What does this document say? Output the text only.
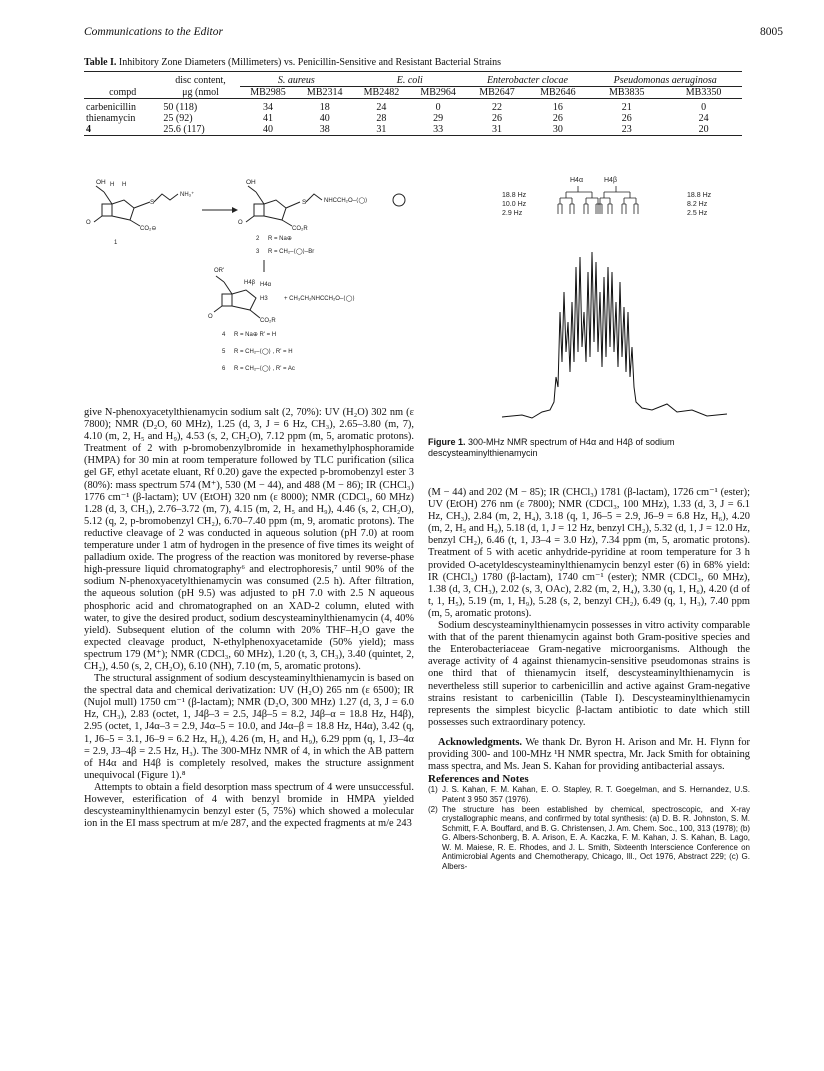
Communications to the Editor	8005
Table I. Inhibitory Zone Diameters (Millimeters) vs. Penicillin-Sensitive and Resistant Bacterial Strains
	disc content,	S. aureus		E. coli		Enterobacter clocae		Pseudomonas aeruginosa	
compd	μg (nmol	MB2985	MB2314	MB2482	MB2964	MB2647	MB2646	MB3835	MB3350

carbenicillin	50 (118)	34	18	24	0	22	16	21	0
thienamycin	25 (92)	41	40	28	29	26	26	26	24
4	25.6 (117)	40	38	31	33	31	30	23	20
OH H H
S
NH₃⁺
CO₂⊖
O
1
OH
S	NHCCH₂O–⟨◯⟩
CO₂R
O
2 R = Na⊕
3 R = CH₂–⟨◯⟩–Br
OR'
H4β H4α
H3
CO₂R
O
+ CH₃CH₂NHCCH₂O–⟨◯⟩
4 R = Na⊕ R' = H
5 R = CH₂–⟨◯⟩ , R' = H
6 R = CH₂–⟨◯⟩ , R' = Ac
H4α	H4β
18.8 Hz
10.0 Hz
2.9 Hz
18.8 Hz
8.2 Hz
2.5 Hz
Figure 1. 300-MHz NMR spectrum of H4α and H4β of sodium descysteaminylthienamycin

give N-phenoxyacetylthienamycin sodium salt (2, 70%): UV (H₂O) 302 nm (ε 7800); NMR (D₂O, 60 MHz), 1.25 (d, 3, J = 6 Hz, CH₃), 2.65–3.80 (m, 7), 4.10 (m, 2, H₅ and H₉), 4.53 (s, 2, CH₂O), 7.12 ppm (m, 5, aromatic protons). Treatment of 2 with p-bromobenzylbromide in hexamethylphosphoramide (HMPA) for 30 min at room temperature followed by TLC purification (silica gel GF, ethyl acetate eluant, Rf 0.20) gave the expected p-bromobenzyl ester 3 (80%): mass spectrum 574 (M⁺), 530 (M − 44), and 488 (M − 86); IR (CHCl₃) 1776 cm⁻¹ (β-lactam); UV (EtOH) 320 nm (ε 8000); NMR (CDCl₃, 60 MHz) 1.28 (d, 3, CH₃), 2.76–3.72 (m, 7), 4.15 (m, 2, H₅ and H₉), 4.46 (s, 2, CH₂O), 5.12 (q, 2, p-bromobenzyl CH₂), 6.70–7.40 ppm (m, 9, aromatic protons). The reductive cleavage of 2 was conducted in aqueous solution (pH 7.0) at room temperature under 1 atm of hydrogen in the presence of five times its weight of palladium oxide. The progress of the reaction was monitored by reverse-phase high-pressure liquid chromatography⁶ and electrophoresis,⁷ until 90% of the sodium N-phenoxyacetylthienamycin was consumed (2.5 h). After filtration, the aqueous solution (pH 9.5) was adjusted to pH 7.0 with 2.5 N aqueous phosphoric acid and chromatographed on an XAD-2 column, eluted with water, to give the desired product, sodium descysteaminylthienamycin (4, 40% yield). Subsequent elution of the column with 20% THF–H₂O gave the expected cleavage product, N-ethylphenoxyacetamide (50% yield); mass spectrum 179 (M⁺); NMR (CDCl₃, 60 MHz), 1.20 (t, 3, CH₃), 3.40 (quintet, 2, CH₂), 4.50 (s, 2, CH₂O), 6.10 (NH), 7.10 (m, 5, aromatic protons).

The structural assignment of sodium descysteaminylthienamycin is based on the spectral data and chemical derivatization: UV (H₂O) 265 nm (ε 6500); IR (Nujol mull) 1750 cm⁻¹ (β-lactam); NMR (D₂O, 300 MHz) 1.27 (d, 3, J = 6.0 Hz, CH₃), 2.83 (octet, 1, J4β–3 = 2.5, J4β–5 = 8.2, J4β–α = 18.8 Hz, H4β), 2.95 (octet, 1, J4α–3 = 2.9, J4α–5 = 10.0, and J4α–β = 18.8 Hz, H4α), 3.42 (q, 1, J6–5 = 3.1, J6–9 = 6.2 Hz, H₆), 4.26 (m, H₅ and H₉), 6.29 ppm (q, 1, J3–4α = 2.9, J3–4β = 2.5 Hz, H₃). The 300-MHz NMR of 4, in which the AB pattern of H4α and H4β is completely resolved, makes the structure assignment unequivocal (Figure 1).⁸

Attempts to obtain a field desorption mass spectrum of 4 were unsuccessful. However, esterification of 4 with benzyl bromide in HMPA yielded descysteaminylthienamycin benzyl ester (5, 75%) which showed a molecular ion in the EI mass spectrum at m/e 287, and the expected fragments at m/e 243

(M − 44) and 202 (M − 85); IR (CHCl₃) 1781 (β-lactam), 1726 cm⁻¹ (ester); UV (EtOH) 276 nm (ε 7800); NMR (CDCl₃, 100 MHz), 1.33 (d, 3, J = 6.1 Hz, CH₃), 2.84 (m, 2, H₄), 3.18 (q, 1, J6–5 = 2.9, J6–9 = 6.8 Hz, H₆), 4.20 (m, 2, H₅ and H₉), 5.18 (d, 1, J = 12 Hz, benzyl CH₂), 5.32 (d, 1, J = 12.0 Hz, benzyl CH₂), 6.46 (t, 1, J3–4 = 3.0 Hz), 7.34 ppm (m, 5, aromatic protons). Treatment of 5 with acetic anhydride-pyridine at room temperature for 3 h provided O-acetyldescysteaminylthienamycin benzyl ester (6) in 68% yield: IR (CHCl₃) 1780 (β-lactam), 1740 cm⁻¹ (ester); NMR (CDCl₃, 60 MHz), 1.38 (d, 3, CH₃), 2.02 (s, 3, OAc), 2.82 (m, 2, H₄), 3.30 (q, 1, H₆), 4.20 (d of t, 1, H₅), 5.19 (m, 1, H₉), 5.28 (s, 2, benzyl CH₂), 6.49 (q, 1, H₃), 7.40 ppm (m, 5, aromatic protons).

Sodium descysteaminylthienamycin possesses in vitro activity comparable with that of the parent thienamycin against both Gram-positive species and the Enterobacteriaceae Gram-negative microorganisms. Although the average activity of 4 against thienamycin-sensitive pseudomonas strains is one third that of thienamycin itself, descysteaminylthienamycin is nevertheless still superior to carbenicillin and active against Gram-negative strains resistant to carbenicillin (Table I). Descysteaminylthienamycin represents the simplest bicyclic β-lactam antibiotic to date which still possesses such extraordinary potency.

Acknowledgments. We thank Dr. Byron H. Arison and Mr. H. Flynn for providing 300- and 100-MHz ¹H NMR spectra, Mr. Jack Smith for obtaining mass spectra, and Ms. Jean S. Kahan for providing antibacterial assays.

References and Notes

(1) J. S. Kahan, F. M. Kahan, E. O. Stapley, R. T. Goegelman, and S. Hernandez, U.S. Patent 3 950 357 (1976).

(2) The structure has been established by chemical, spectroscopic, and X-ray crystallographic means, and confirmed by total synthesis: (a) D. B. R. Johnston, S. M. Schmitt, F. A. Bouffard, and B. G. Christensen, J. Am. Chem. Soc., 100, 313 (1978); (b) G. Albers-Schonberg, B. A. Arison, E. A. Kaczka, F. M. Kahan, J. S. Kahan, B. Lago, W. M. Maiese, R. E. Rhodes, and J. L. Smith, Sixteenth Interscience Conference on Antimicrobial Agents and Chemotherapy, Chicago, Ill., Oct 1976, Abstract 229; (c) G. Albers-
